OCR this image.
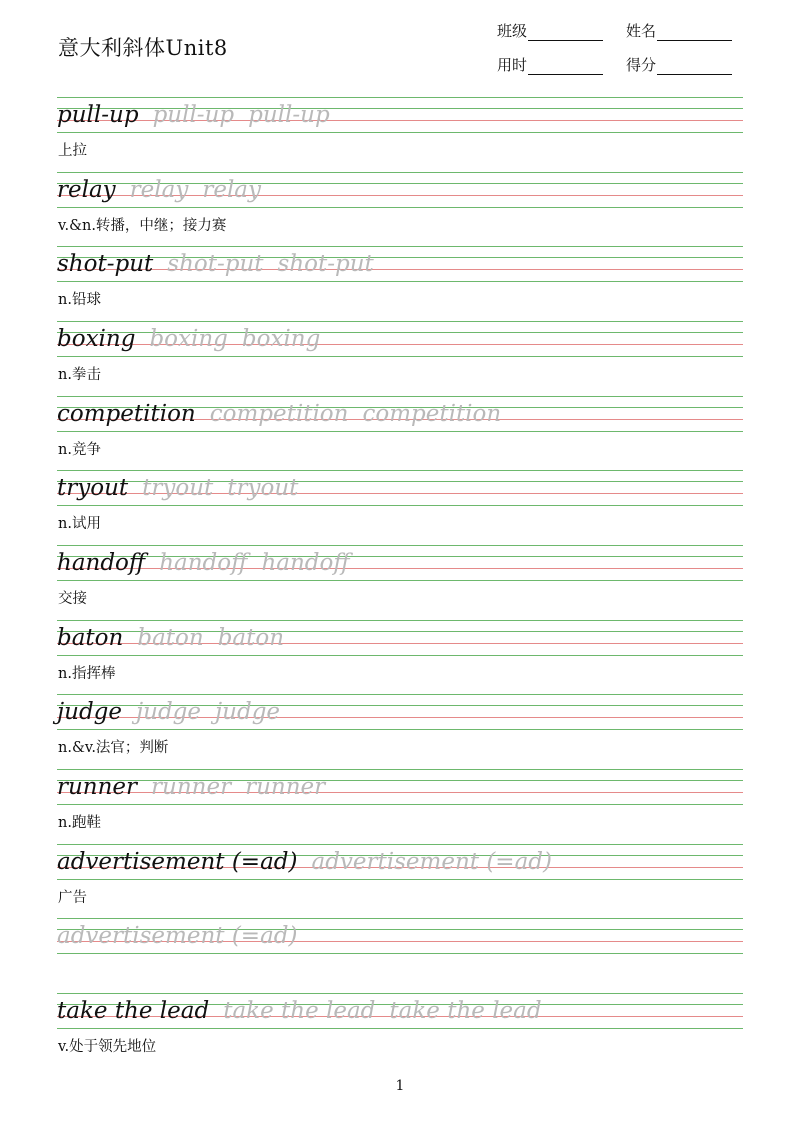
意大利斜体Unit8
班级	姓名
用时	得分
pull-up pull-up pull-up
上拉
relay relay relay
v.&n.转播，中继；接力赛
shot-put shot-put shot-put
n.铅球
boxing boxing boxing
n.拳击
competition competition competition
n.竞争
tryout tryout tryout
n.试用
handoff handoff handoff
交接
baton baton baton
n.指挥棒
judge judge judge
n.&v.法官；判断
runner runner runner
n.跑鞋
advertisement (=ad) advertisement (=ad)
广告
advertisement (=ad)
take the lead take the lead take the lead
v.处于领先地位
1
